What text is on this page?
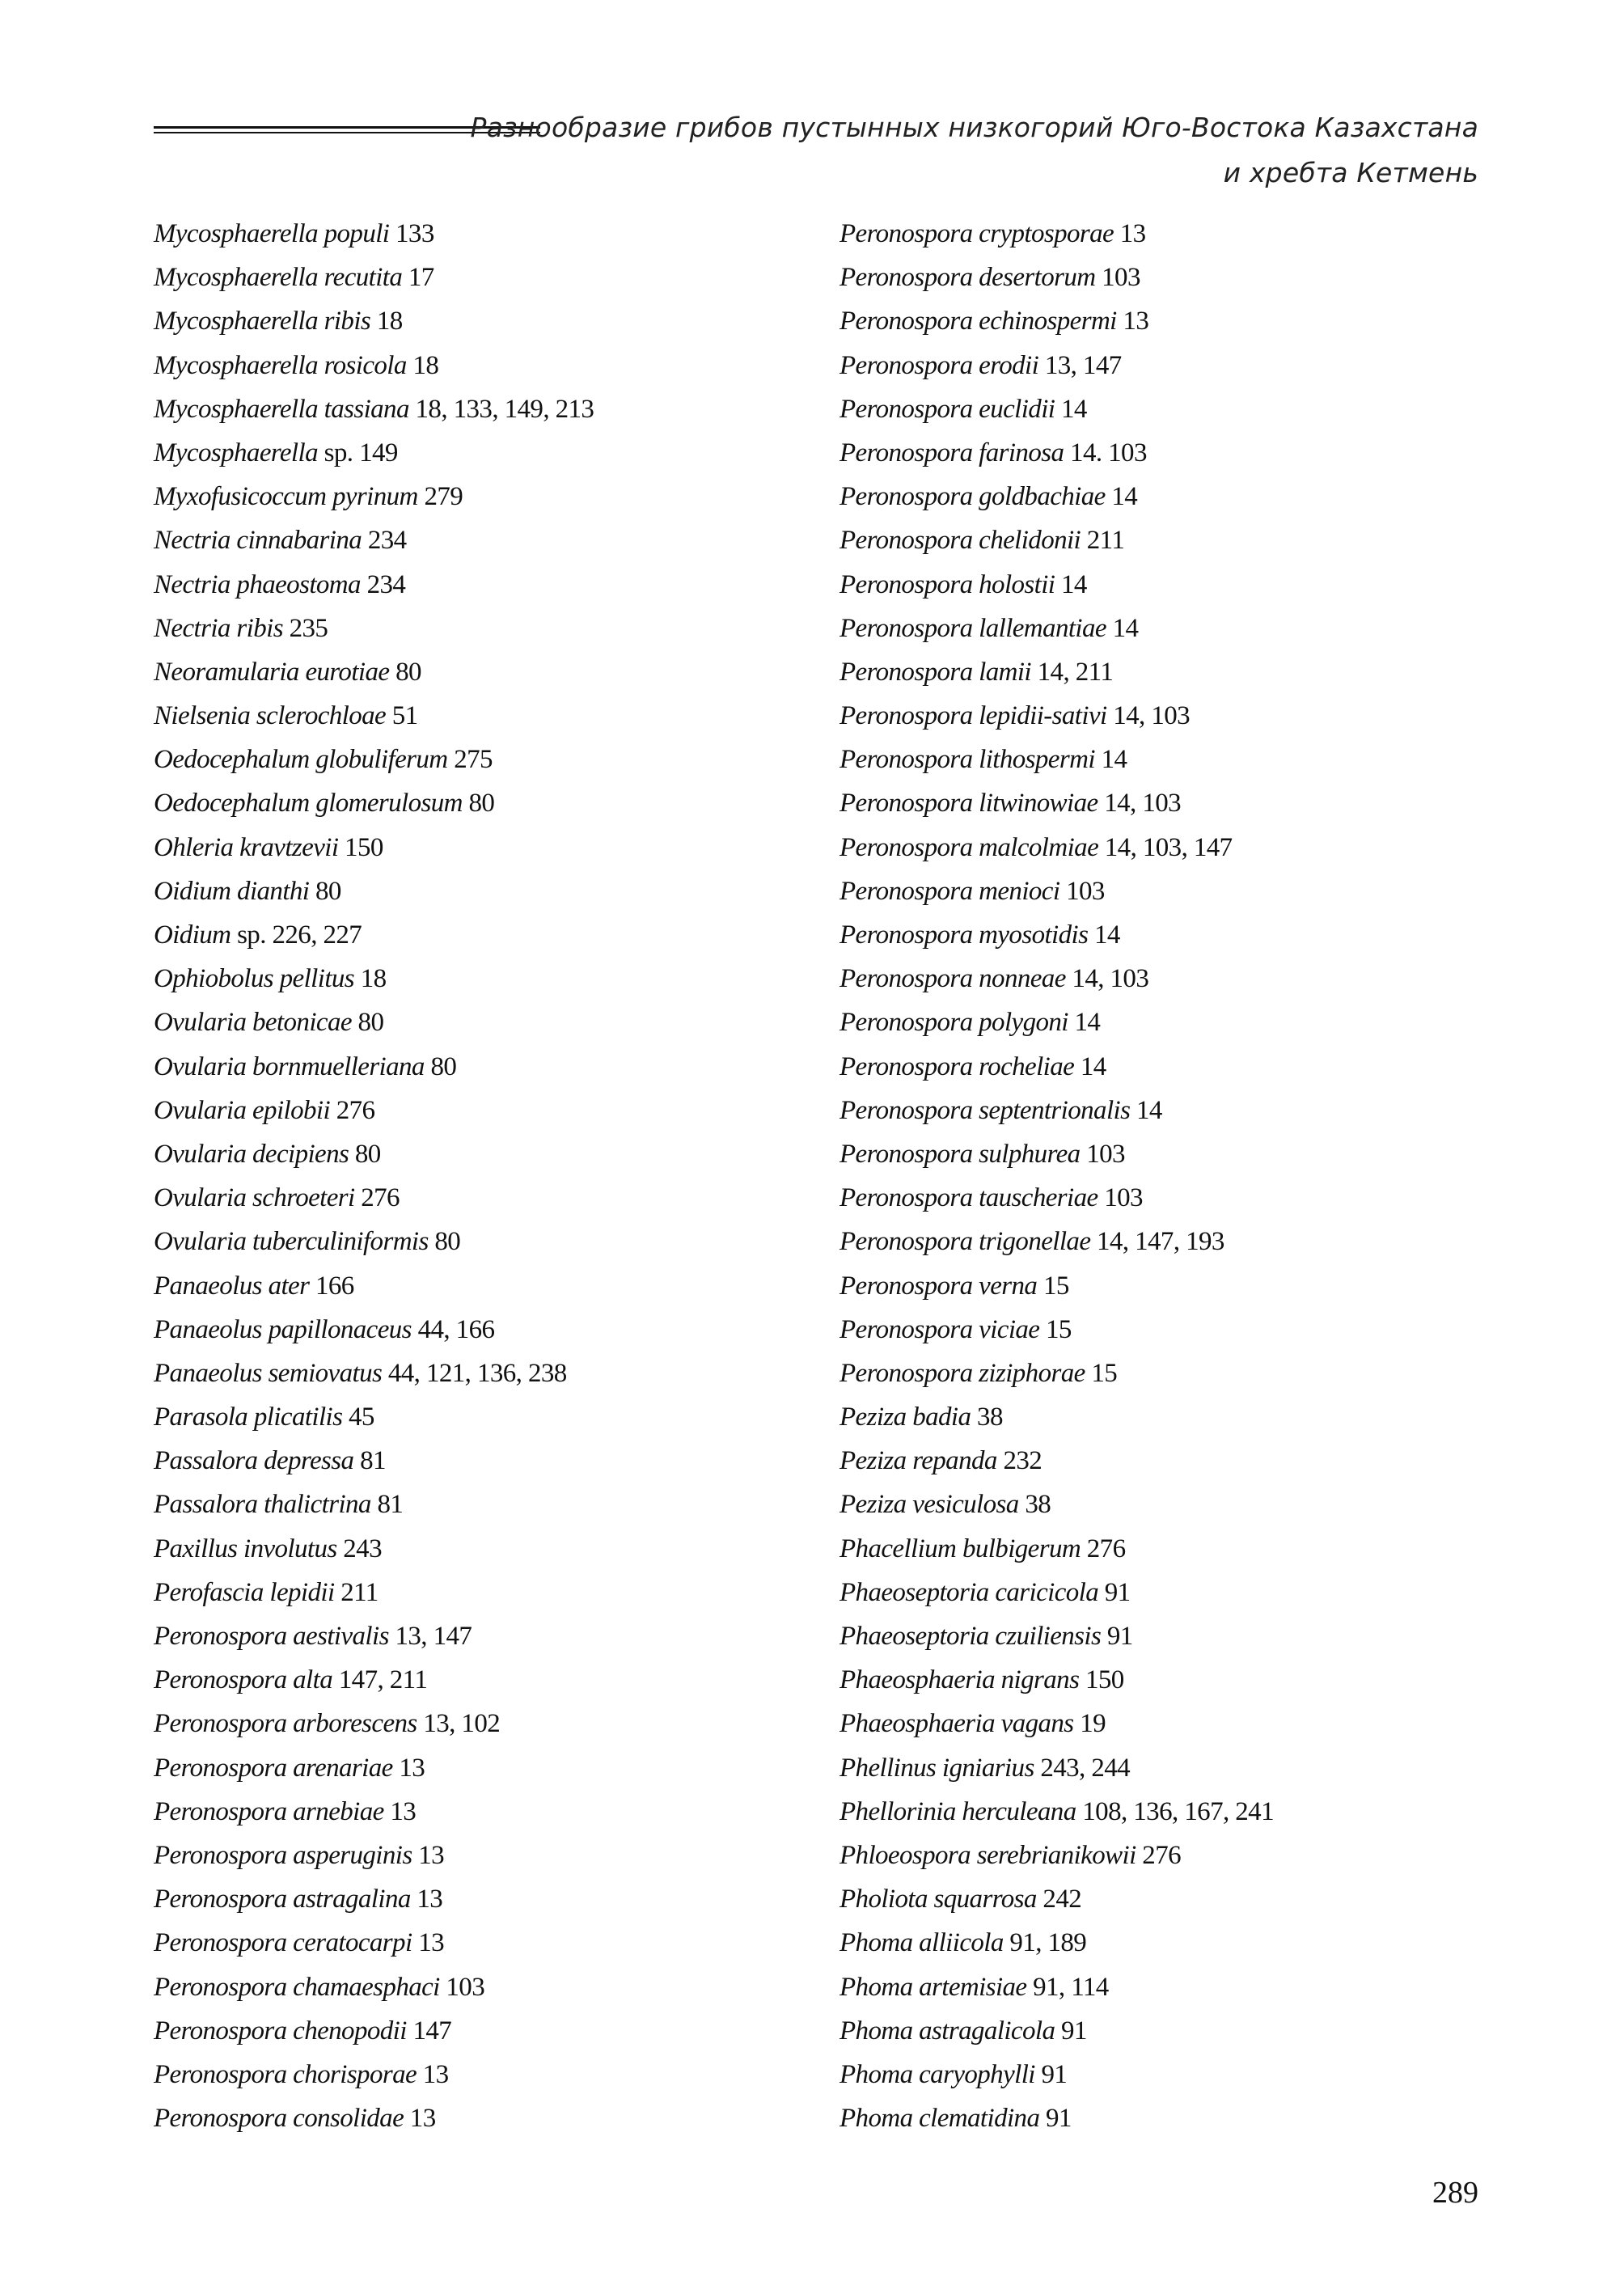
Разнообразие грибов пустынных низкогорий Юго-Востока Казахстана
и хребта Кетмень
Mycosphaerella populi 133
Mycosphaerella recutita 17
Mycosphaerella ribis 18
Mycosphaerella rosicola 18
Mycosphaerella tassiana 18, 133, 149, 213
Mycosphaerella sp. 149
Myxofusicoccum pyrinum 279
Nectria cinnabarina 234
Nectria phaeostoma 234
Nectria ribis 235
Neoramularia eurotiae 80
Nielsenia sclerochloae 51
Oedocephalum globuliferum 275
Oedocephalum glomerulosum 80
Ohleria kravtzevii 150
Oidium dianthi 80
Oidium sp. 226, 227
Ophiobolus pellitus 18
Ovularia betonicae 80
Ovularia bornmuelleriana 80
Ovularia epilobii 276
Ovularia decipiens 80
Ovularia schroeteri 276
Ovularia tuberculiniformis 80
Panaeolus ater 166
Panaeolus papillonaceus 44, 166
Panaeolus semiovatus 44, 121, 136, 238
Parasola plicatilis 45
Passalora depressa 81
Passalora thalictrina 81
Paxillus involutus 243
Perofascia lepidii 211
Peronospora aestivalis 13, 147
Peronospora alta 147, 211
Peronospora arborescens 13, 102
Peronospora arenariae 13
Peronospora arnebiae 13
Peronospora asperuginis 13
Peronospora astragalina 13
Peronospora ceratocarpi 13
Peronospora chamaesphaci 103
Peronospora chenopodii 147
Peronospora chorisporae 13
Peronospora consolidae 13
Peronospora cryptosporae 13
Peronospora desertorum 103
Peronospora echinospermi 13
Peronospora erodii 13, 147
Peronospora euclidii 14
Peronospora farinosa 14. 103
Peronospora goldbachiae 14
Peronospora chelidonii 211
Peronospora holostii 14
Peronospora lallemantiae 14
Peronospora lamii 14, 211
Peronospora lepidii-sativi 14, 103
Peronospora lithospermi 14
Peronospora litwinowiae 14, 103
Peronospora malcolmiae 14, 103, 147
Peronospora menioci 103
Peronospora myosotidis 14
Peronospora nonneae 14, 103
Peronospora polygoni 14
Peronospora rocheliae 14
Peronospora septentrionalis 14
Peronospora sulphurea 103
Peronospora tauscheriae 103
Peronospora trigonellae 14, 147, 193
Peronospora verna 15
Peronospora viciae 15
Peronospora ziziphorae 15
Peziza badia 38
Peziza repanda 232
Peziza vesiculosa 38
Phacellium bulbigerum 276
Phaeoseptoria caricicola 91
Phaeoseptoria czuiliensis 91
Phaeosphaeria nigrans 150
Phaeosphaeria vagans 19
Phellinus igniarius 243, 244
Phellorinia herculeana 108, 136, 167, 241
Phloeospora serebrianikowii 276
Pholiota squarrosa 242
Phoma alliicola 91, 189
Phoma artemisiae 91, 114
Phoma astragalicola 91
Phoma caryophylli 91
Phoma clematidina 91
289
